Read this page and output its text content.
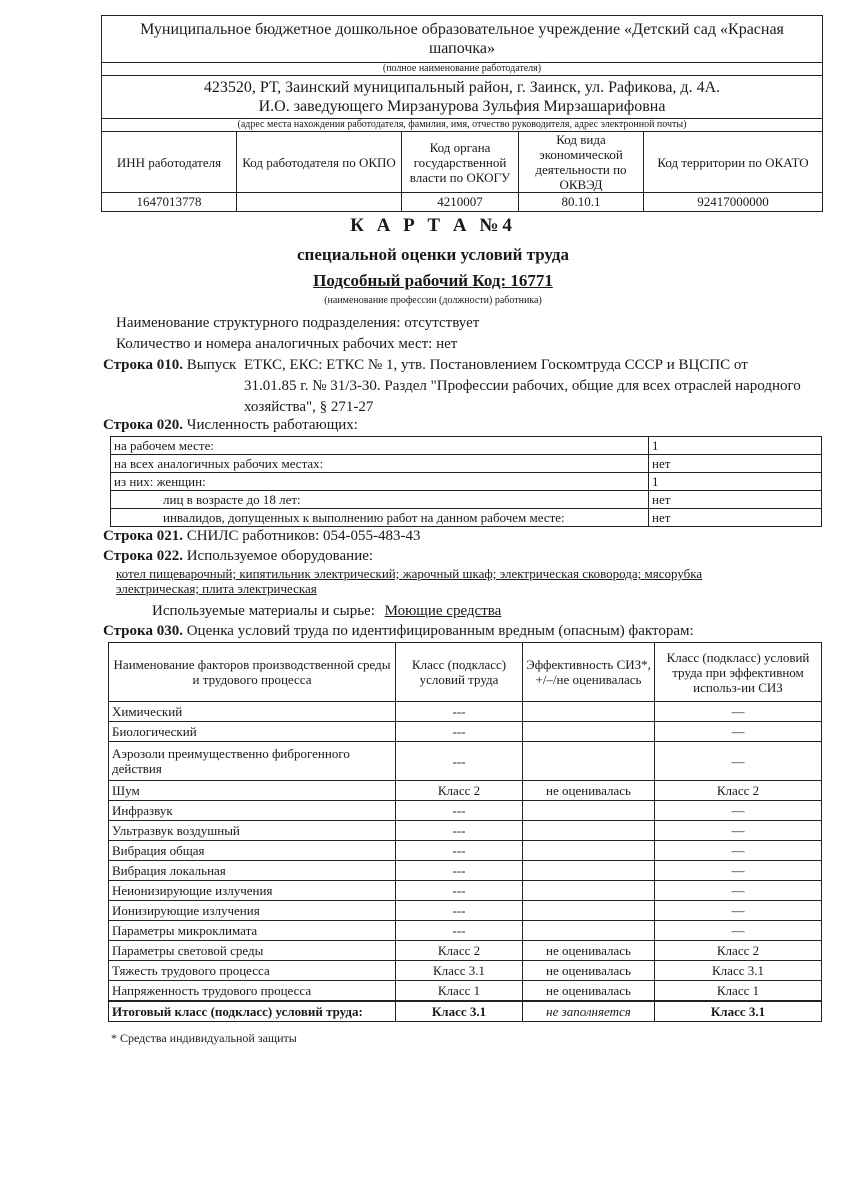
Муниципальное бюджетное дошкольное образовательное учреждение «Детский сад «Красная шапочка»				
(полное наименование работодателя)				

423520, РТ, Заинский муниципальный район, г. Заинск, ул. Рафикова, д. 4А.
И.О. заведующего Мирзанурова Зульфия Мирзашарифовна				

(адрес места нахождения работодателя, фамилия, имя, отчество руководителя, адрес электронной почты)				
ИНН работодателя	Код работодателя по ОКПО	Код органа государственной власти по ОКОГУ	Код вида экономической деятельности по ОКВЭД	Код территории по ОКАТО
1647013778		4210007	80.10.1	92417000000
К А Р Т А №4
специальной оценки условий труда
Подсобный рабочий Код: 16771
(наименование профессии (должности) работника)
Наименование структурного подразделения: отсутствует
Количество и номера аналогичных рабочих мест: нет
Строка 010. Выпуск ЕТКС, ЕКС: ЕТКС № 1, утв. Постановлением Госкомтруда СССР и ВЦСПС от 31.01.85 г. № 31/3-30. Раздел "Профессии рабочих, общие для всех отраслей народного хозяйства", § 271-27
Строка 020. Численность работающих:
на рабочем месте:	1
на всех аналогичных рабочих местах:	нет
из них: женщин:	1
лиц в возрасте до 18 лет:	нет
инвалидов, допущенных к выполнению работ на данном рабочем месте:	нет
Строка 021. СНИЛС работников: 054-055-483-43
Строка 022. Используемое оборудование:
котел пищеварочный; кипятильник электрический; жарочный шкаф; электрическая сковорода; мясорубка электрическая; плита электрическая
Используемые материалы и сырье: Моющие средства
Строка 030. Оценка условий труда по идентифицированным вредным (опасным) факторам:
Наименование факторов производственной среды и трудового процесса	Класс (подкласс) условий труда	Эффективность СИЗ*, +/–/не оценивалась	Класс (подкласс) условий труда при эффективном использ-ии СИЗ
Химический	---		—
Биологический	---		—
Аэрозоли преимущественно фиброгенного действия	---		—
Шум	Класс 2	не оценивалась	Класс 2
Инфразвук	---		—
Ультразвук воздушный	---		—
Вибрация общая	---		—
Вибрация локальная	---		—
Неионизирующие излучения	---		—
Ионизирующие излучения	---		—
Параметры микроклимата	---		—
Параметры световой среды	Класс 2	не оценивалась	Класс 2
Тяжесть трудового процесса	Класс 3.1	не оценивалась	Класс 3.1
Напряженность трудового процесса	Класс 1	не оценивалась	Класс 1
Итоговый класс (подкласс) условий труда:	Класс 3.1	не заполняется	Класс 3.1
* Средства индивидуальной защиты
